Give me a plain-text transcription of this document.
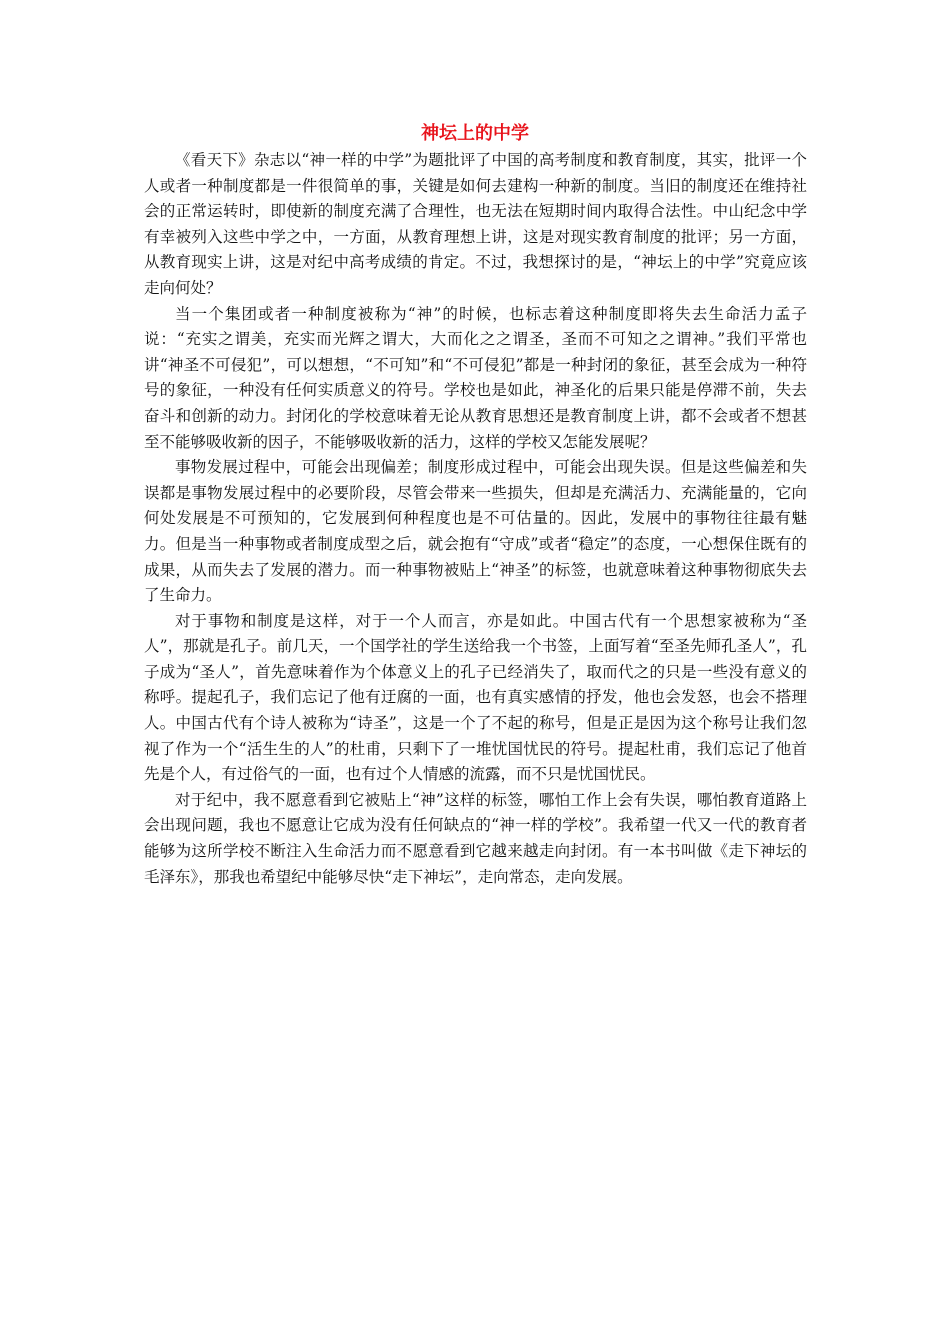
神坛上的中学

《看天下》杂志以“神一样的中学”为题批评了中国的高考制度和教育制度，其实，批评一个人或者一种制度都是一件很简单的事，关键是如何去建构一种新的制度。当旧的制度还在维持社会的正常运转时，即使新的制度充满了合理性，也无法在短期时间内取得合法性。中山纪念中学有幸被列入这些中学之中，一方面，从教育理想上讲，这是对现实教育制度的批评；另一方面，从教育现实上讲，这是对纪中高考成绩的肯定。不过，我想探讨的是，“神坛上的中学”究竟应该走向何处？

当一个集团或者一种制度被称为“神”的时候，也标志着这种制度即将失去生命活力孟子说：“充实之谓美，充实而光辉之谓大，大而化之之谓圣，圣而不可知之之谓神。”我们平常也讲“神圣不可侵犯”，可以想想，“不可知”和“不可侵犯”都是一种封闭的象征，甚至会成为一种符号的象征，一种没有任何实质意义的符号。学校也是如此，神圣化的后果只能是停滞不前，失去奋斗和创新的动力。封闭化的学校意味着无论从教育思想还是教育制度上讲，都不会或者不想甚至不能够吸收新的因子，不能够吸收新的活力，这样的学校又怎能发展呢？

事物发展过程中，可能会出现偏差；制度形成过程中，可能会出现失误。但是这些偏差和失误都是事物发展过程中的必要阶段，尽管会带来一些损失，但却是充满活力、充满能量的，它向何处发展是不可预知的，它发展到何种程度也是不可估量的。因此，发展中的事物往往最有魅力。但是当一种事物或者制度成型之后，就会抱有“守成”或者“稳定”的态度，一心想保住既有的成果，从而失去了发展的潜力。而一种事物被贴上“神圣”的标签，也就意味着这种事物彻底失去了生命力。

对于事物和制度是这样，对于一个人而言，亦是如此。中国古代有一个思想家被称为“圣人”，那就是孔子。前几天，一个国学社的学生送给我一个书签，上面写着“至圣先师孔圣人”，孔子成为“圣人”，首先意味着作为个体意义上的孔子已经消失了，取而代之的只是一些没有意义的称呼。提起孔子，我们忘记了他有迂腐的一面，也有真实感情的抒发，他也会发怒，也会不搭理人。中国古代有个诗人被称为“诗圣”，这是一个了不起的称号，但是正是因为这个称号让我们忽视了作为一个“活生生的人”的杜甫，只剩下了一堆忧国忧民的符号。提起杜甫，我们忘记了他首先是个人，有过俗气的一面，也有过个人情感的流露，而不只是忧国忧民。

对于纪中，我不愿意看到它被贴上“神”这样的标签，哪怕工作上会有失误，哪怕教育道路上会出现问题，我也不愿意让它成为没有任何缺点的“神一样的学校”。我希望一代又一代的教育者能够为这所学校不断注入生命活力而不愿意看到它越来越走向封闭。有一本书叫做《走下神坛的毛泽东》，那我也希望纪中能够尽快“走下神坛”，走向常态，走向发展。
